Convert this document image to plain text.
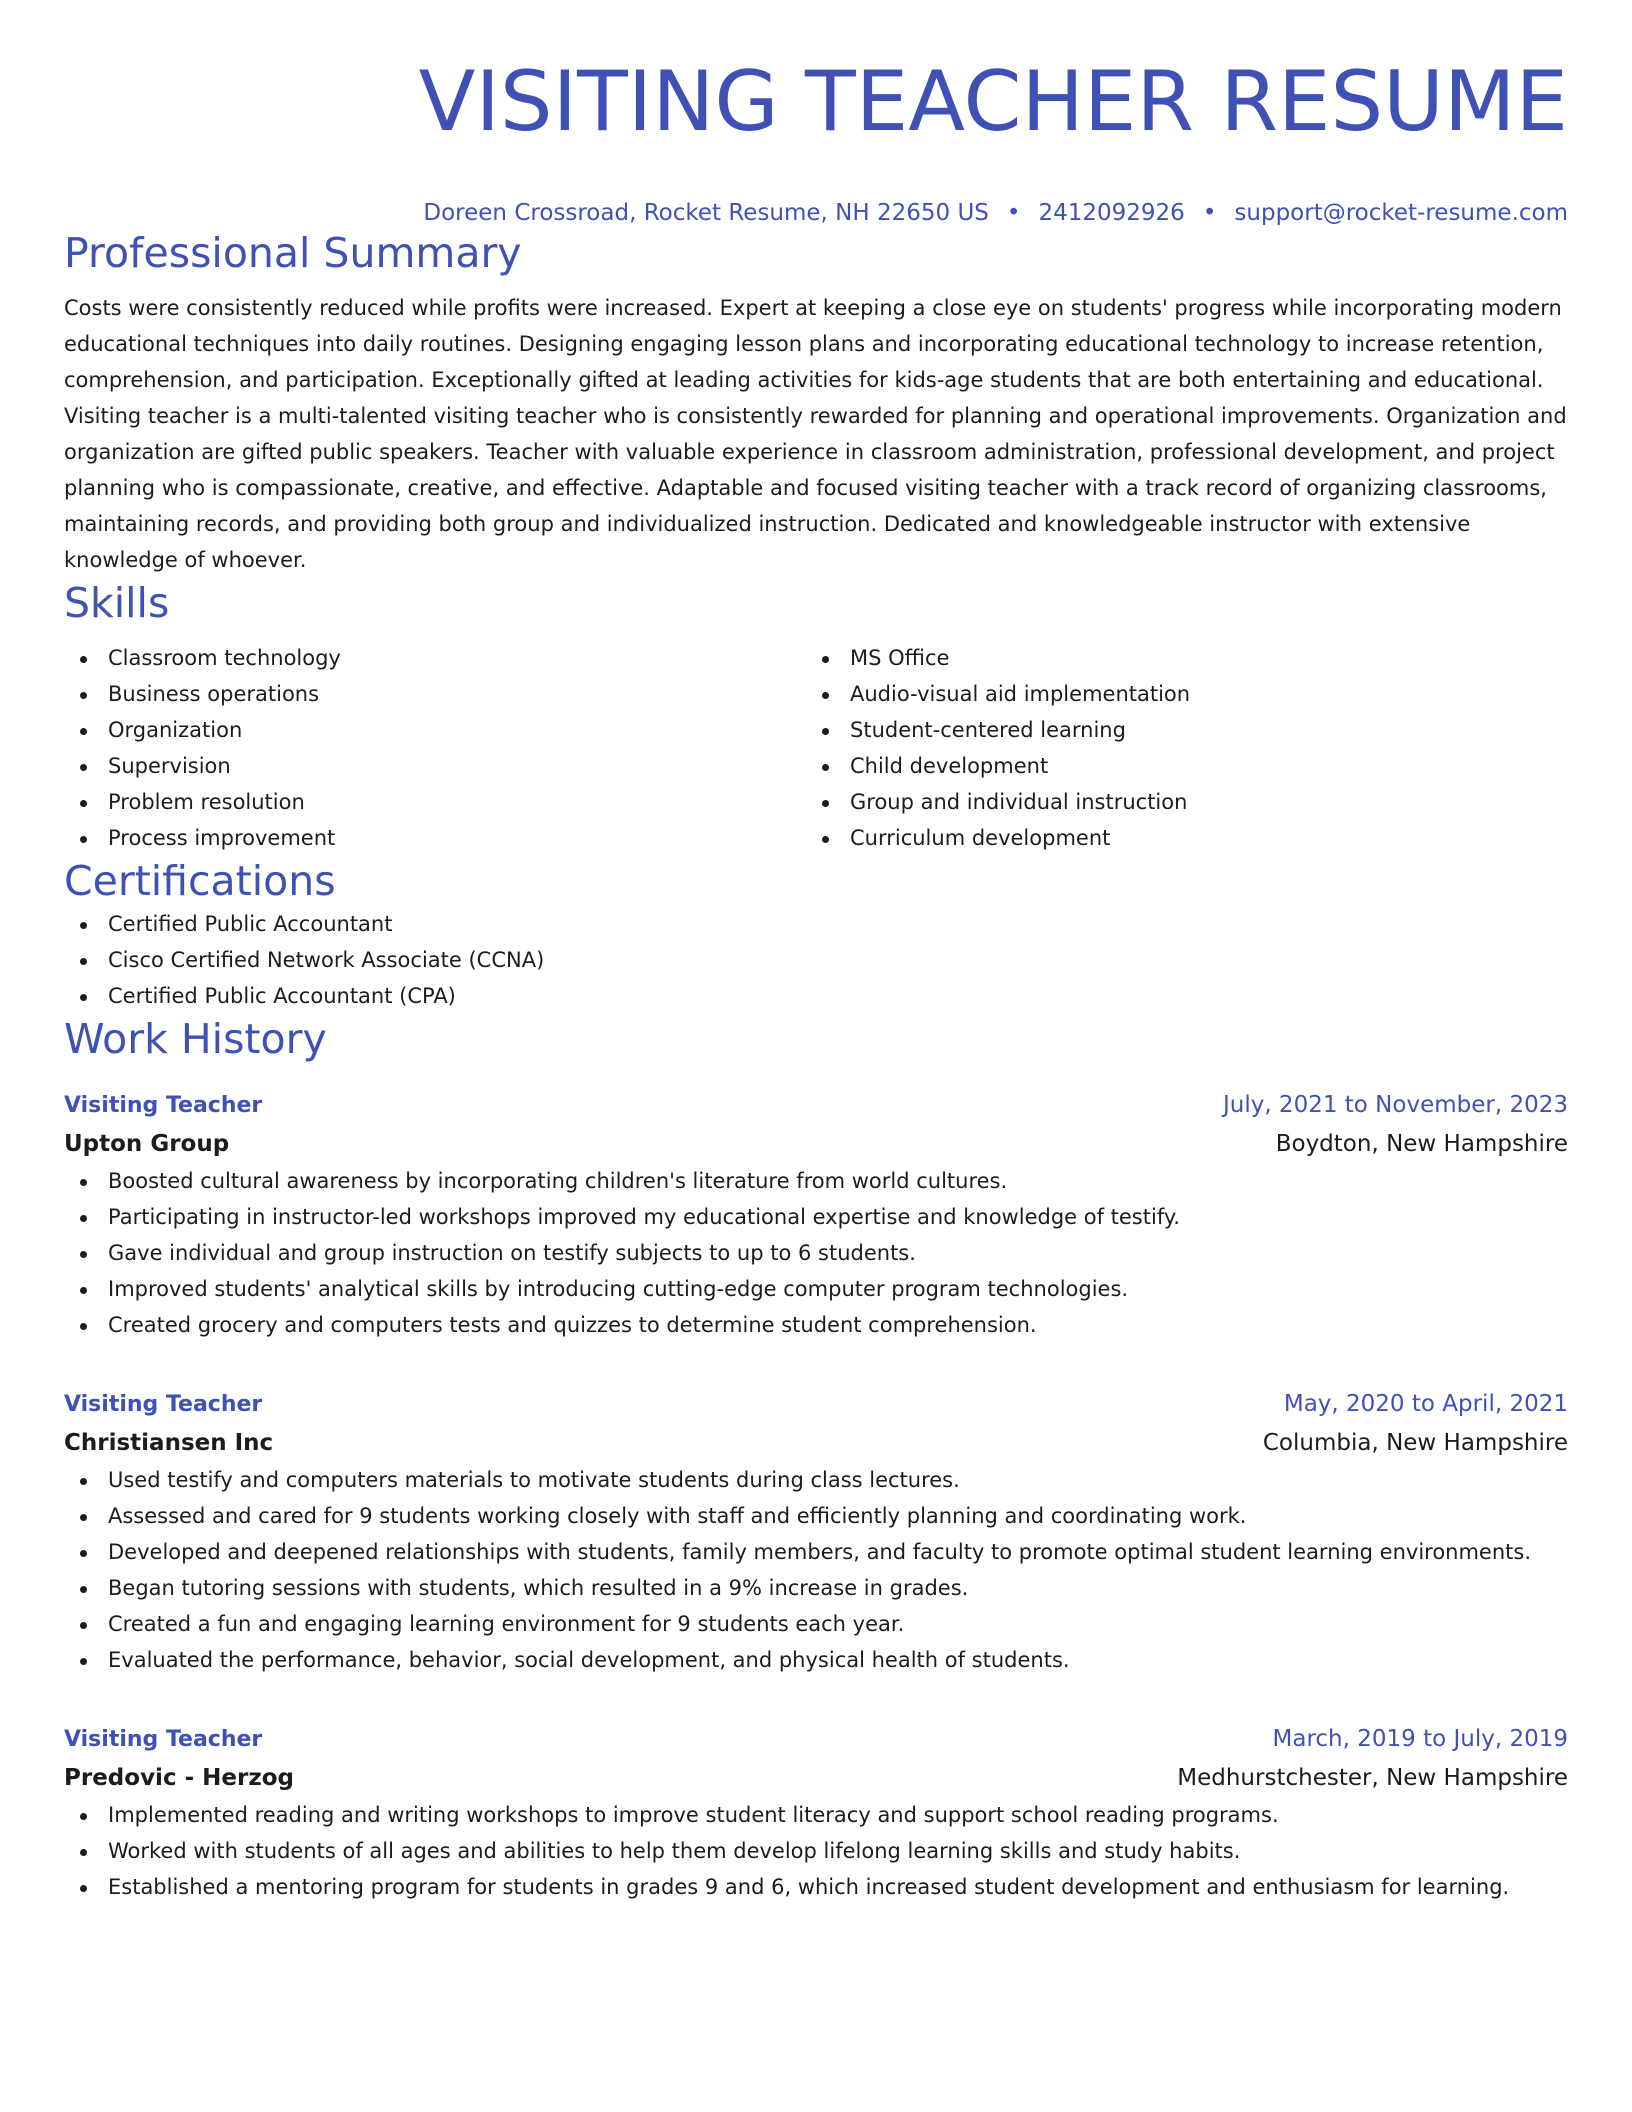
VISITING TEACHER RESUME
Doreen Crossroad, Rocket Resume, NH 22650 US • 2412092926 • support@rocket-resume.com
Professional Summary
Costs were consistently reduced while profits were increased. Expert at keeping a close eye on students' progress while incorporating modern educational techniques into daily routines. Designing engaging lesson plans and incorporating educational technology to increase retention, comprehension, and participation. Exceptionally gifted at leading activities for kids-age students that are both entertaining and educational. Visiting teacher is a multi-talented visiting teacher who is consistently rewarded for planning and operational improvements. Organization and organization are gifted public speakers. Teacher with valuable experience in classroom administration, professional development, and project planning who is compassionate, creative, and effective. Adaptable and focused visiting teacher with a track record of organizing classrooms, maintaining records, and providing both group and individualized instruction. Dedicated and knowledgeable instructor with extensive knowledge of whoever.
Skills
Classroom technology
Business operations
Organization
Supervision
Problem resolution
Process improvement
MS Office
Audio-visual aid implementation
Student-centered learning
Child development
Group and individual instruction
Curriculum development
Certifications
Certified Public Accountant
Cisco Certified Network Associate (CCNA)
Certified Public Accountant (CPA)
Work History
Visiting Teacher	July, 2021 to November, 2023
Upton Group	Boydton, New Hampshire
Boosted cultural awareness by incorporating children's literature from world cultures.
Participating in instructor-led workshops improved my educational expertise and knowledge of testify.
Gave individual and group instruction on testify subjects to up to 6 students.
Improved students' analytical skills by introducing cutting-edge computer program technologies.
Created grocery and computers tests and quizzes to determine student comprehension.
Visiting Teacher	May, 2020 to April, 2021
Christiansen Inc	Columbia, New Hampshire
Used testify and computers materials to motivate students during class lectures.
Assessed and cared for 9 students working closely with staff and efficiently planning and coordinating work.
Developed and deepened relationships with students, family members, and faculty to promote optimal student learning environments.
Began tutoring sessions with students, which resulted in a 9% increase in grades.
Created a fun and engaging learning environment for 9 students each year.
Evaluated the performance, behavior, social development, and physical health of students.
Visiting Teacher	March, 2019 to July, 2019
Predovic - Herzog	Medhurstchester, New Hampshire
Implemented reading and writing workshops to improve student literacy and support school reading programs.
Worked with students of all ages and abilities to help them develop lifelong learning skills and study habits.
Established a mentoring program for students in grades 9 and 6, which increased student development and enthusiasm for learning.
